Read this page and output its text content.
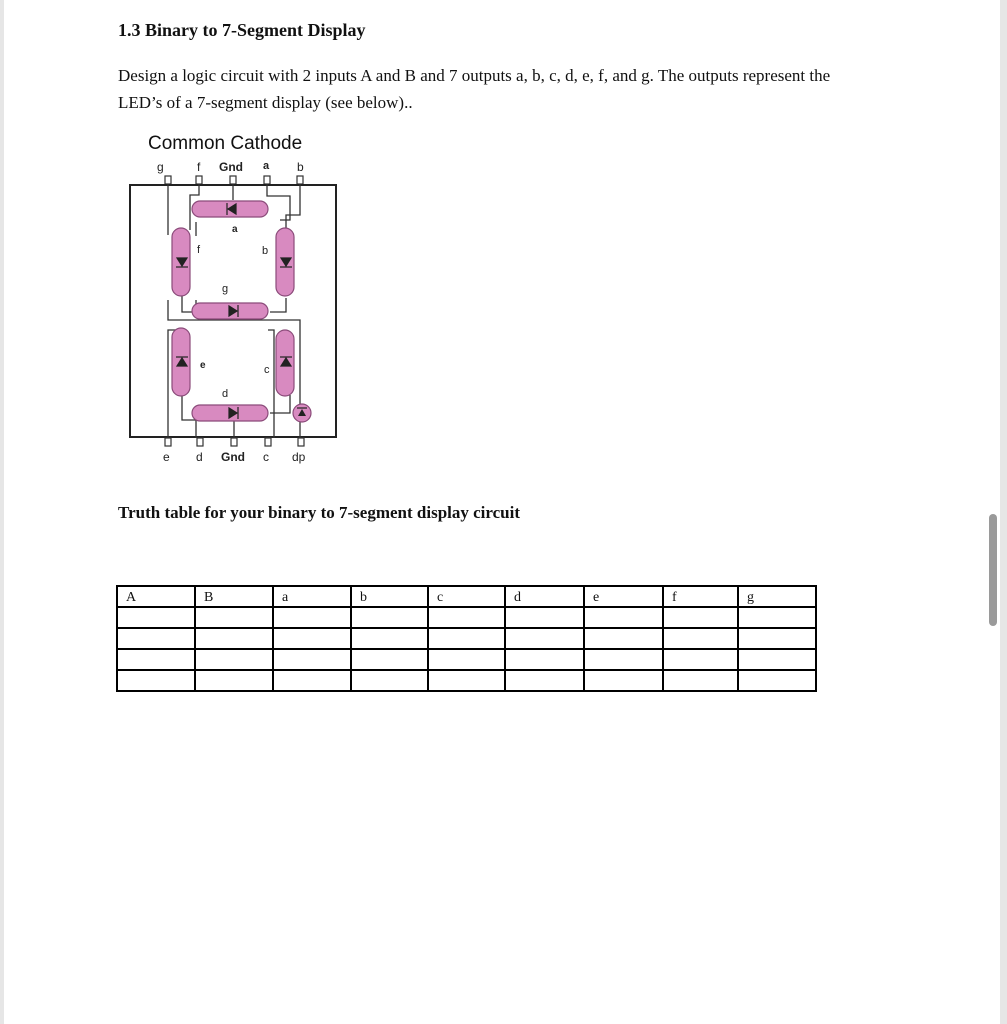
1.3 Binary to 7-Segment Display
Design a logic circuit with 2 inputs A and B and 7 outputs a, b, c, d, e, f, and g. The outputs represent the LED’s of a 7-segment display (see below)..
Common Cathode
g	f Gnd a b
a
b
f
g
e	c
d
e d Gnd c dp
Truth table for your binary to 7-segment display circuit
A	B	a	b	c	d	e	f	g
